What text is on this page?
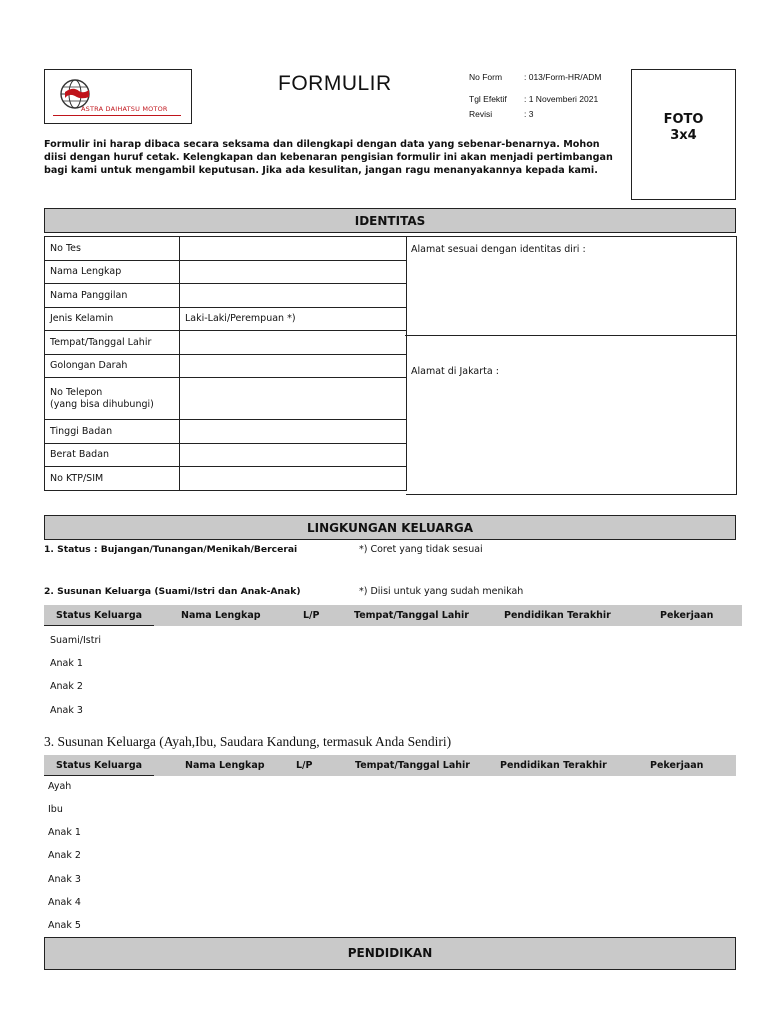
ASTRA DAIHATSU MOTOR
FORMULIR	No Form	: 013/Form-HR/ADM
Tgl Efektif : 1 Novemberi 2021
Revisi	: 3	FOTO
3x4
Formulir ini harap dibaca secara seksama dan dilengkapi dengan data yang sebenar-benarnya. Mohon diisi dengan huruf cetak. Kelengkapan dan kebenaran pengisian formulir ini akan menjadi pertimbangan bagi kami untuk mengambil keputusan. Jika ada kesulitan, jangan ragu menanyakannya kepada kami.
IDENTITAS
No Tes	
Nama Lengkap	
Nama Panggilan	
Jenis Kelamin	Laki-Laki/Perempuan *)
Tempat/Tanggal Lahir	
Golongan Darah	
No Telepon
(yang bisa dihubungi)	
Tinggi Badan	
Berat Badan	
No KTP/SIM	
Alamat sesuai dengan identitas diri :
Alamat di Jakarta :
LINGKUNGAN KELUARGA
1. Status : Bujangan/Tunangan/Menikah/Bercerai	*) Coret yang tidak sesuai
2. Susunan Keluarga (Suami/Istri dan Anak-Anak)	*) Diisi untuk yang sudah menikah
Status Keluarga	Nama Lengkap	L/P	Tempat/Tanggal Lahir	Pendidikan Terakhir	Pekerjaan
Suami/Istri
Anak 1
Anak 2
Anak 3
3. Susunan Keluarga (Ayah,Ibu, Saudara Kandung, termasuk Anda Sendiri)
Status Keluarga	Nama Lengkap	L/P	Tempat/Tanggal Lahir	Pendidikan Terakhir	Pekerjaan
Ayah
Ibu
Anak 1
Anak 2
Anak 3
Anak 4
Anak 5
PENDIDIKAN
